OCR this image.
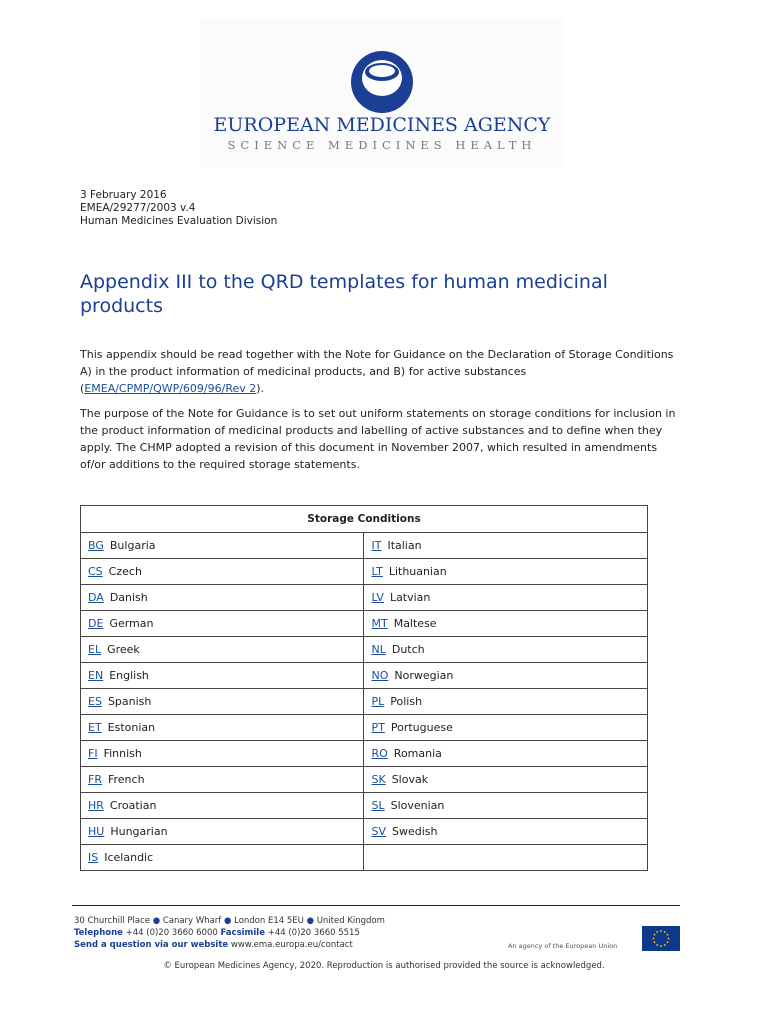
EUROPEAN MEDICINES AGENCY
SCIENCE MEDICINES HEALTH
3 February 2016
EMEA/29277/2003 v.4
Human Medicines Evaluation Division
Appendix III to the QRD templates for human medicinal products

This appendix should be read together with the Note for Guidance on the Declaration of Storage Conditions A) in the product information of medicinal products, and B) for active substances (EMEA/CPMP/QWP/609/96/Rev 2).

The purpose of the Note for Guidance is to set out uniform statements on storage conditions for inclusion in the product information of medicinal products and labelling of active substances and to define when they apply. The CHMP adopted a revision of this document in November 2007, which resulted in amendments of/or additions to the required storage statements.

Storage Conditions	
BG Bulgaria	IT Italian
CS Czech	LT Lithuanian
DA Danish	LV Latvian
DE German	MT Maltese
EL Greek	NL Dutch
EN English	NO Norwegian
ES Spanish	PL Polish
ET Estonian	PT Portuguese
FI Finnish	RO Romania
FR French	SK Slovak
HR Croatian	SL Slovenian
HU Hungarian	SV Swedish
IS Icelandic	
30 Churchill Place ● Canary Wharf ● London E14 5EU ● United Kingdom
Telephone +44 (0)20 3660 6000 Facsimile +44 (0)20 3660 5515
Send a question via our website www.ema.europa.eu/contact	An agency of the European Union
© European Medicines Agency, 2020. Reproduction is authorised provided the source is acknowledged.
